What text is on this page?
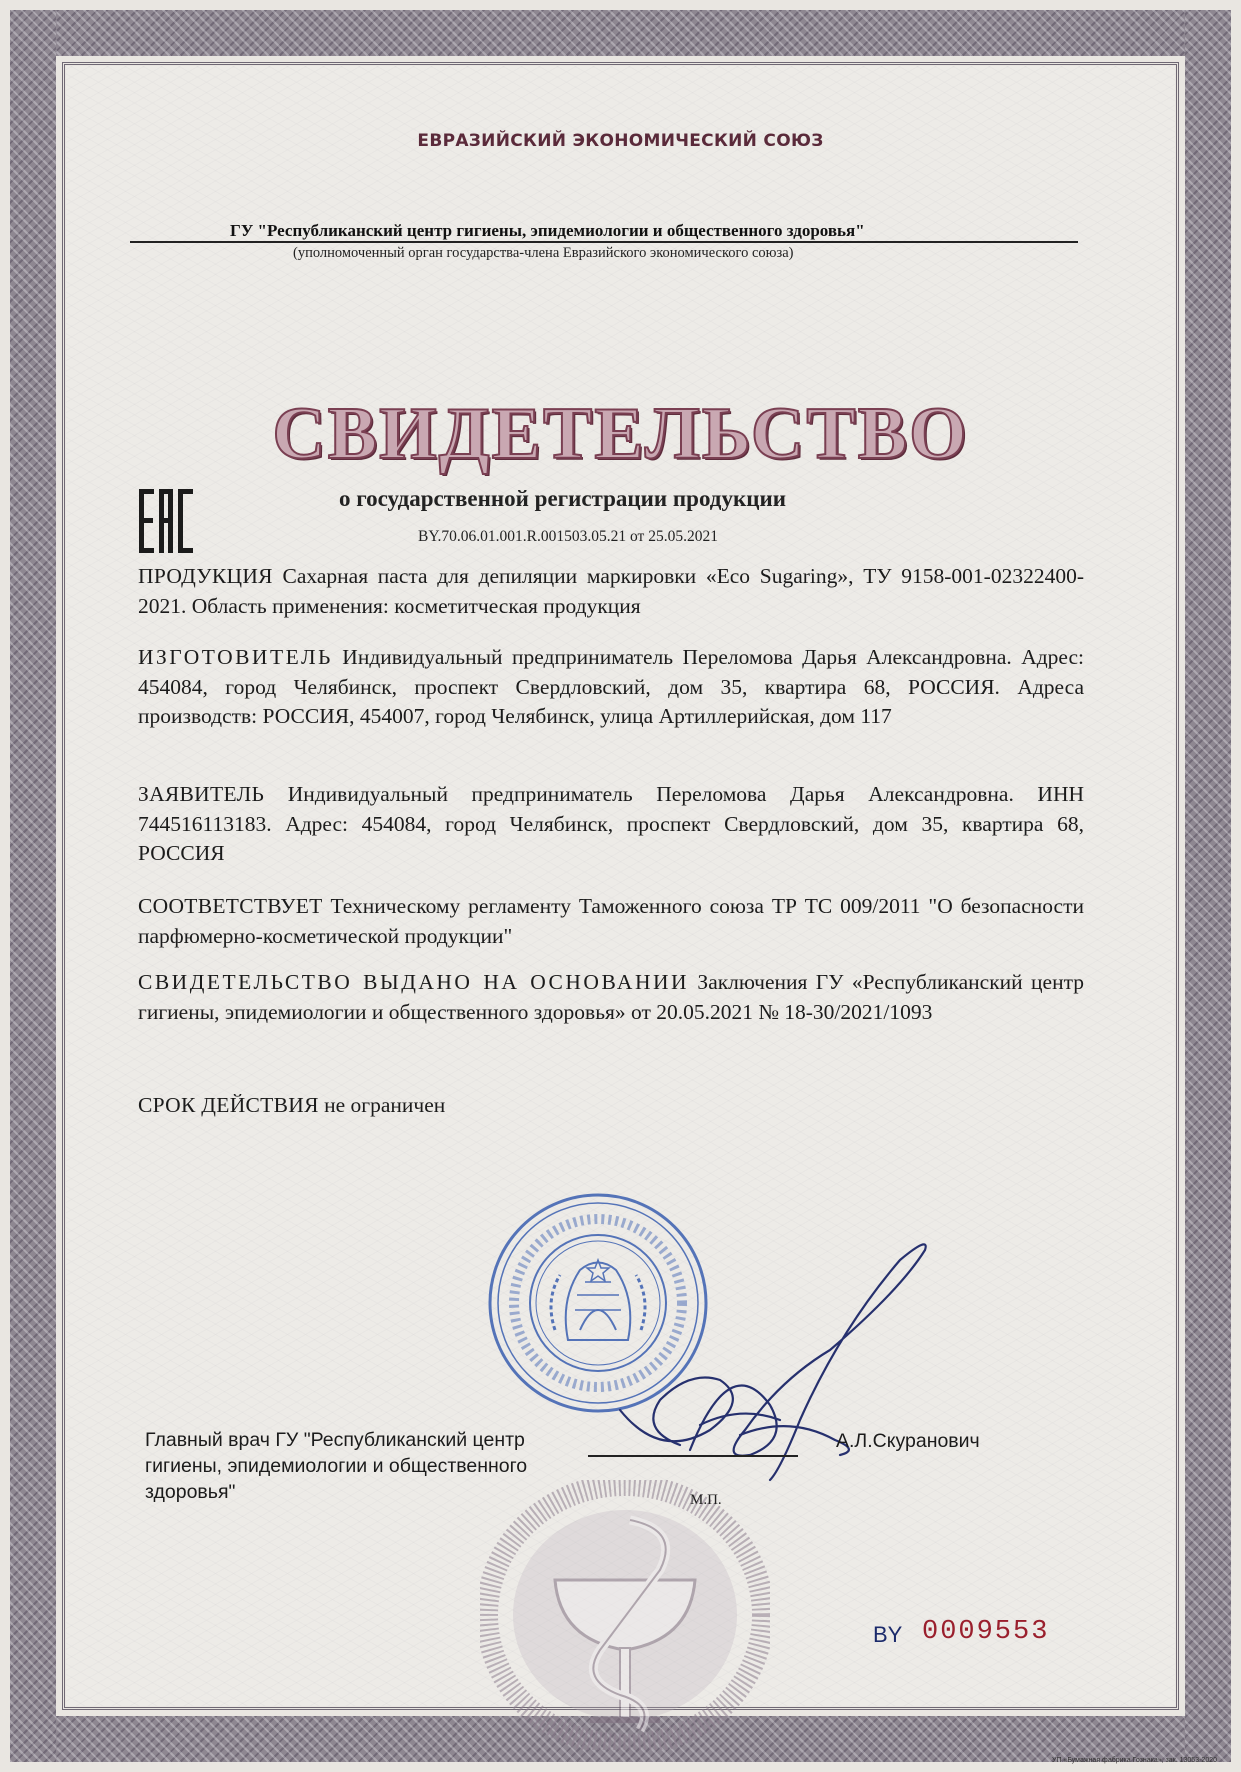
ЕВРАЗИЙСКИЙ ЭКОНОМИЧЕСКИЙ СОЮЗ
ГУ "Республиканский центр гигиены, эпидемиологии и общественного здоровья"
(уполномоченный орган государства-члена Евразийского экономического союза)
СВИДЕТЕЛЬСТВО
о государственной регистрации продукции
BY.70.06.01.001.R.001503.05.21 от 25.05.2021
ПРОДУКЦИЯ Сахарная паста для депиляции маркировки «Eco Sugaring», ТУ 9158-001-02322400-2021. Область применения: косметитческая продукция
ИЗГОТОВИТЕЛЬ Индивидуальный предприниматель Переломова Дарья Александровна. Адрес: 454084, город Челябинск, проспект Свердловский, дом 35, квартира 68, РОССИЯ. Адреса производств: РОССИЯ, 454007, город Челябинск, улица Артиллерийская, дом 117
ЗАЯВИТЕЛЬ Индивидуальный предприниматель Переломова Дарья Александровна. ИНН 744516113183. Адрес: 454084, город Челябинск, проспект Свердловский, дом 35, квартира 68, РОССИЯ
СООТВЕТСТВУЕТ Техническому регламенту Таможенного союза ТР ТС 009/2011 "О безопасности парфюмерно-косметической продукции"
СВИДЕТЕЛЬСТВО ВЫДАНО НА ОСНОВАНИИ Заключения ГУ «Республиканский центр гигиены, эпидемиологии и общественного здоровья» от 20.05.2021 № 18-30/2021/1093
СРОК ДЕЙСТВИЯ не ограничен
Главный врач ГУ "Республиканский центр гигиены, эпидемиологии и общественного здоровья"
А.Л.Скуранович
М.П.
BY 0009553
УП «Бумажная фабрика Гознака», зак. 13053-2020
